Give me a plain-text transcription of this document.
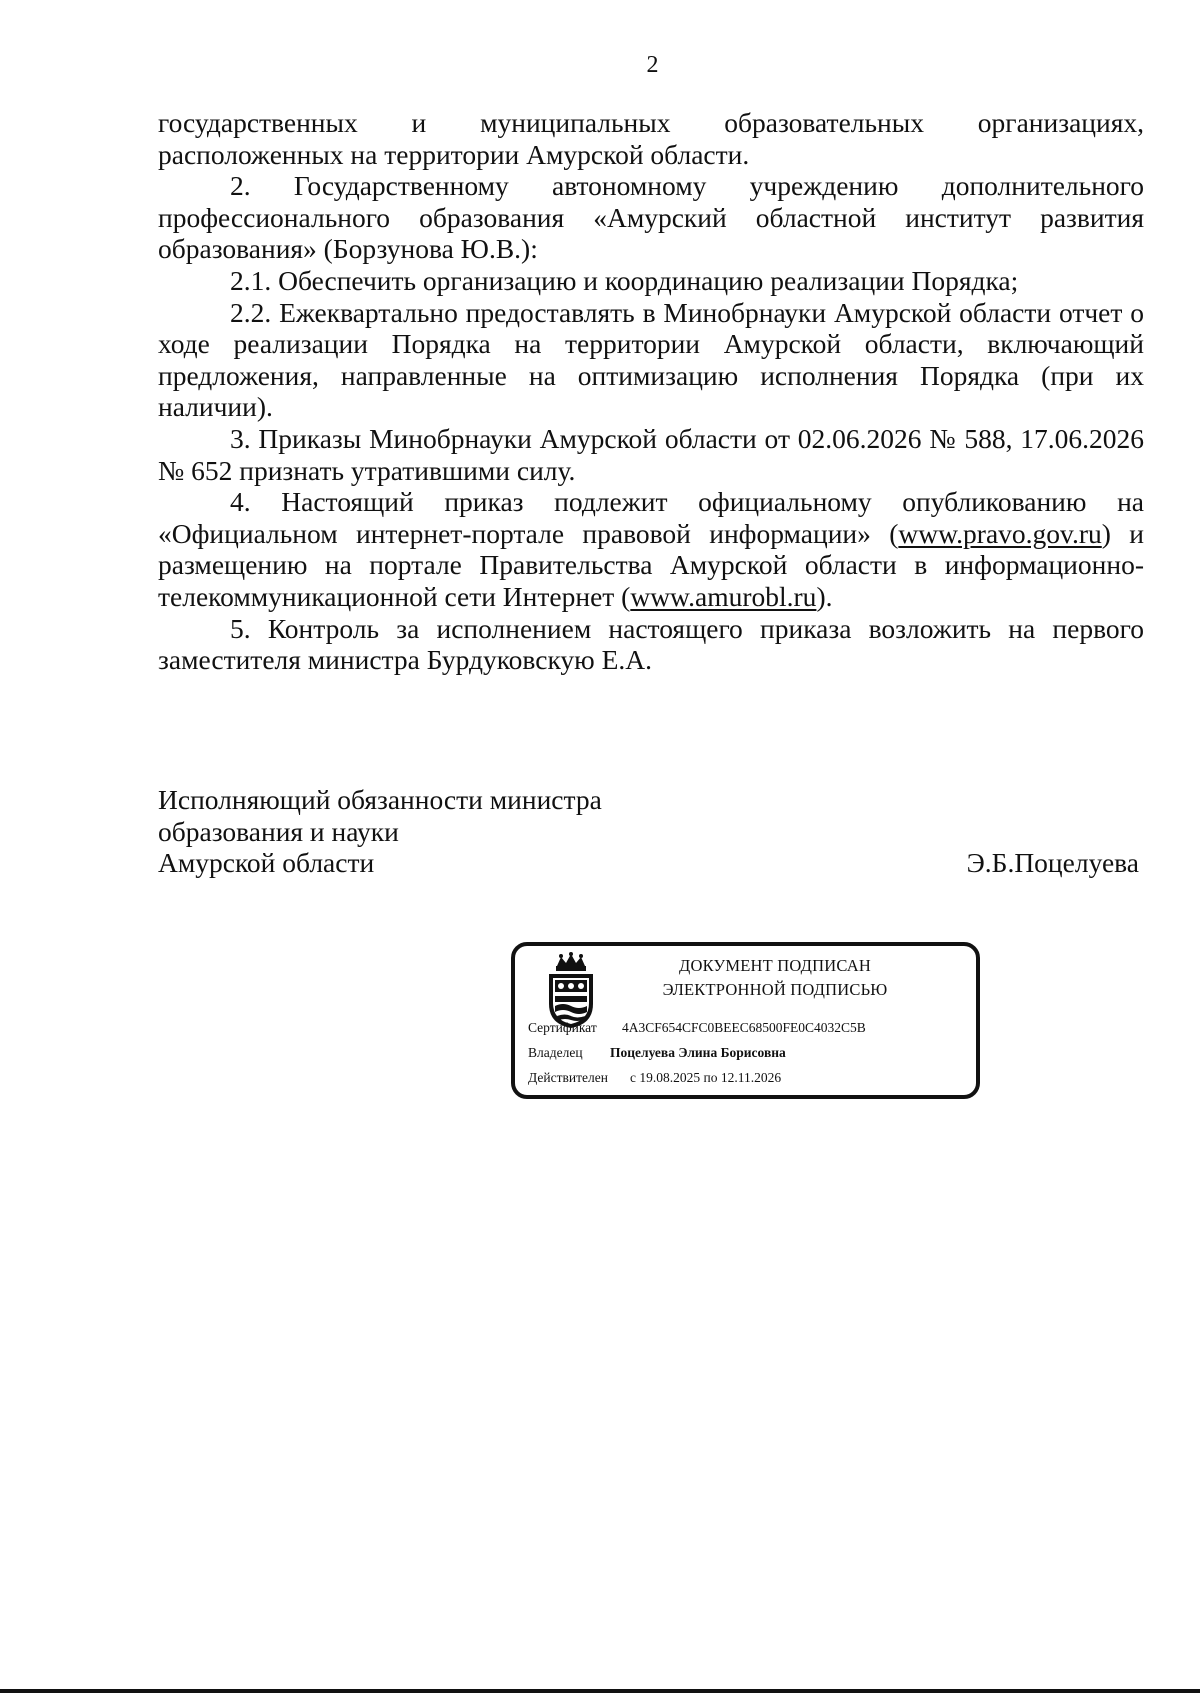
2

государственных и муниципальных образовательных организациях, расположенных на территории Амурской области.

2. Государственному автономному учреждению дополнительного профессионального образования «Амурский областной институт развития образования» (Борзунова Ю.В.):

2.1. Обеспечить организацию и координацию реализации Порядка;

2.2. Ежеквартально предоставлять в Минобрнауки Амурской области отчет о ходе реализации Порядка на территории Амурской области, включающий предложения, направленные на оптимизацию исполнения Порядка (при их наличии).

3. Приказы Минобрнауки Амурской области от 02.06.2026 № 588, 17.06.2026 № 652 признать утратившими силу.

4. Настоящий приказ подлежит официальному опубликованию на «Официальном интернет-портале правовой информации» (www.pravo.gov.ru) и размещению на портале Правительства Амурской области в информационно-телекоммуникационной сети Интернет (www.amurobl.ru).

5. Контроль за исполнением настоящего приказа возложить на первого заместителя министра Бурдуковскую Е.А.

Исполняющий обязанности министра
образования и науки
Амурской области	Э.Б.Поцелуева
ДОКУМЕНТ ПОДПИСАН
ЭЛЕКТРОННОЙ ПОДПИСЬЮ
Сертификат 4A3CF654CFC0BEEC68500FE0C4032C5B
Владелец Поцелуева Элина Борисовна
Действителен с 19.08.2025 по 12.11.2026
